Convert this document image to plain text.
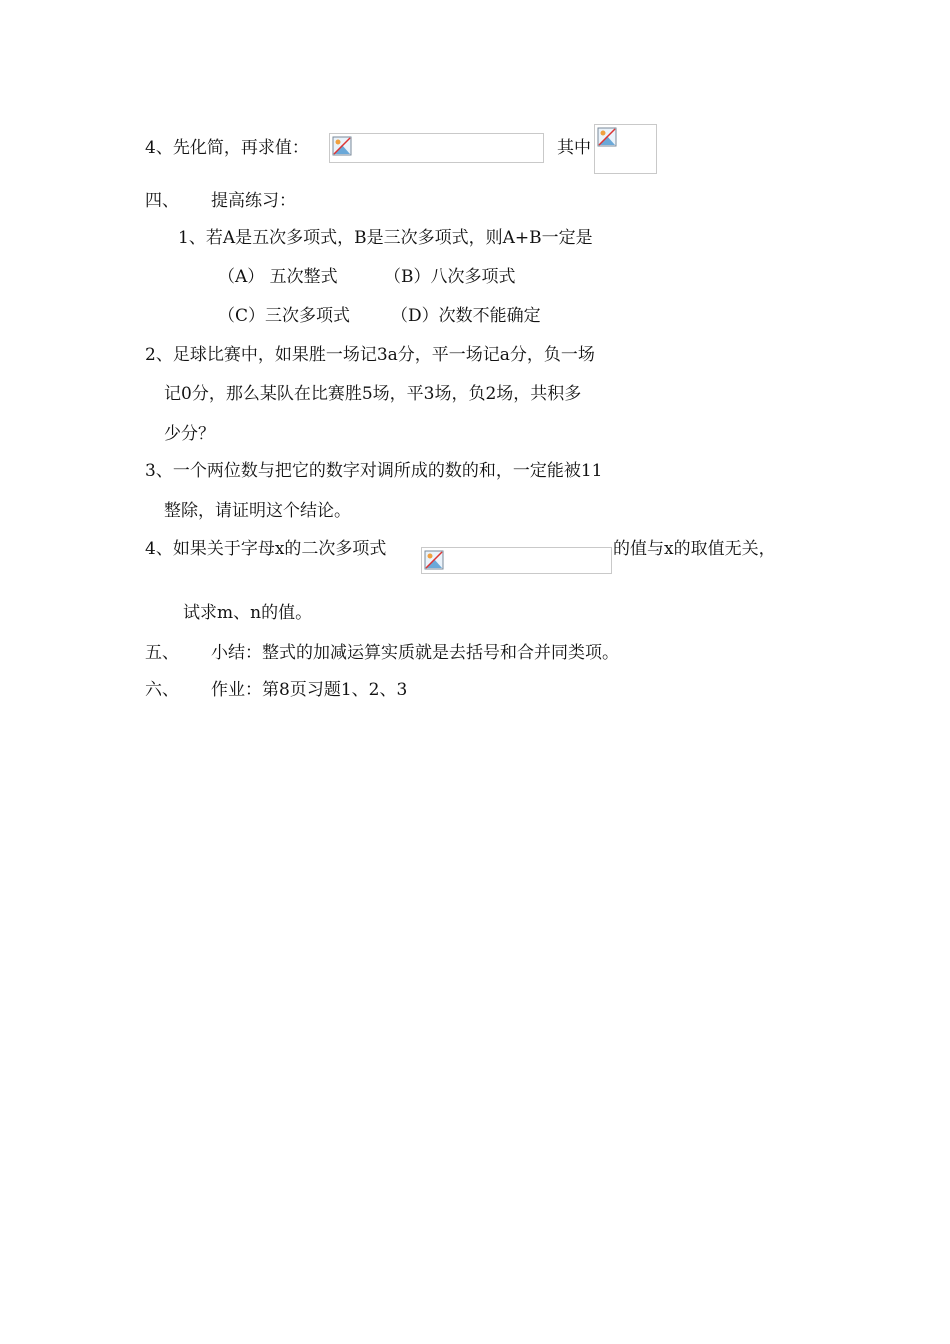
4、先化简，再求值：	其中
四、 提高练习：
1、若A是五次多项式，B是三次多项式，则A+B一定是
（A） 五次整式	（B）八次多项式
（C）三次多项式 （D）次数不能确定
2、足球比赛中，如果胜一场记3a分，平一场记a分，负一场
记0分，那么某队在比赛胜5场，平3场，负2场，共积多
少分？
3、一个两位数与把它的数字对调所成的数的和，一定能被11
整除，请证明这个结论。
4、如果关于字母x的二次多项式	的值与x的取值无关，
试求m、n的值。
五、 小结：整式的加减运算实质就是去括号和合并同类项。
六、 作业：第8页习题1、2、3
